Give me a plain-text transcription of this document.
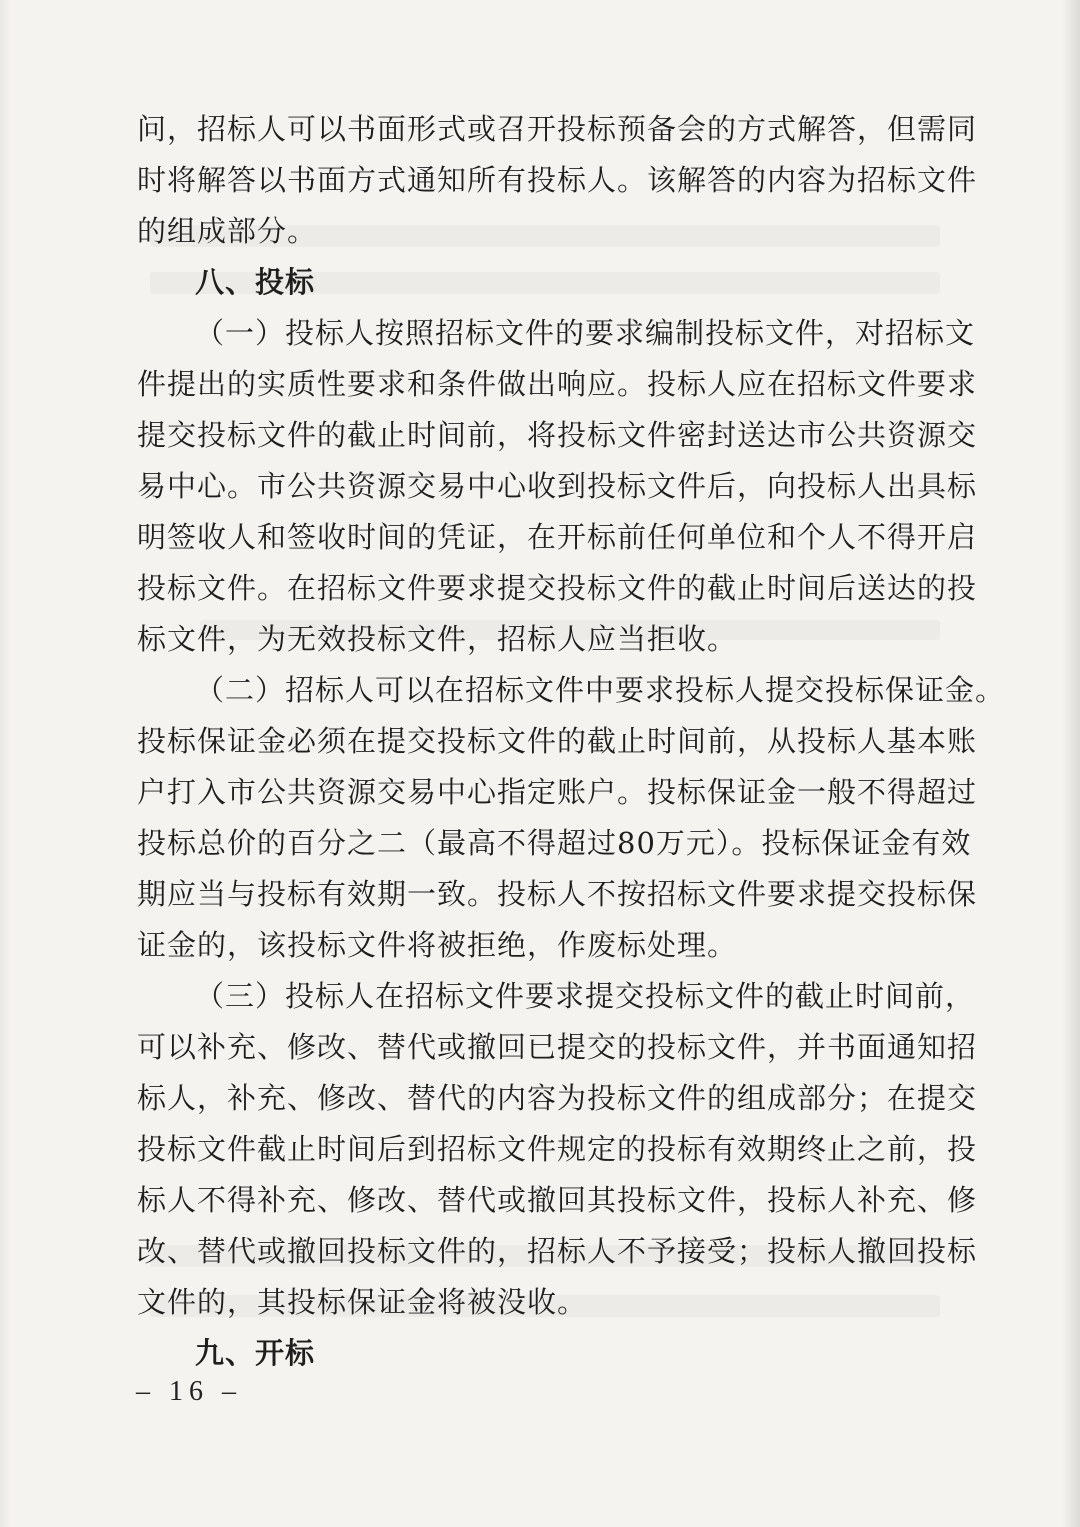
问，招标人可以书面形式或召开投标预备会的方式解答，但需同
时将解答以书面方式通知所有投标人。该解答的内容为招标文件
的组成部分。
八、投标
（一）投标人按照招标文件的要求编制投标文件，对招标文
件提出的实质性要求和条件做出响应。投标人应在招标文件要求
提交投标文件的截止时间前，将投标文件密封送达市公共资源交
易中心。市公共资源交易中心收到投标文件后，向投标人出具标
明签收人和签收时间的凭证，在开标前任何单位和个人不得开启
投标文件。在招标文件要求提交投标文件的截止时间后送达的投
标文件，为无效投标文件，招标人应当拒收。
（二）招标人可以在招标文件中要求投标人提交投标保证金。
投标保证金必须在提交投标文件的截止时间前，从投标人基本账
户打入市公共资源交易中心指定账户。投标保证金一般不得超过
投标总价的百分之二（最高不得超过80万元）。投标保证金有效
期应当与投标有效期一致。投标人不按招标文件要求提交投标保
证金的，该投标文件将被拒绝，作废标处理。
（三）投标人在招标文件要求提交投标文件的截止时间前，
可以补充、修改、替代或撤回已提交的投标文件，并书面通知招
标人，补充、修改、替代的内容为投标文件的组成部分；在提交
投标文件截止时间后到招标文件规定的投标有效期终止之前，投
标人不得补充、修改、替代或撤回其投标文件，投标人补充、修
改、替代或撤回投标文件的，招标人不予接受；投标人撤回投标
文件的，其投标保证金将被没收。
九、开标
– 16 –
